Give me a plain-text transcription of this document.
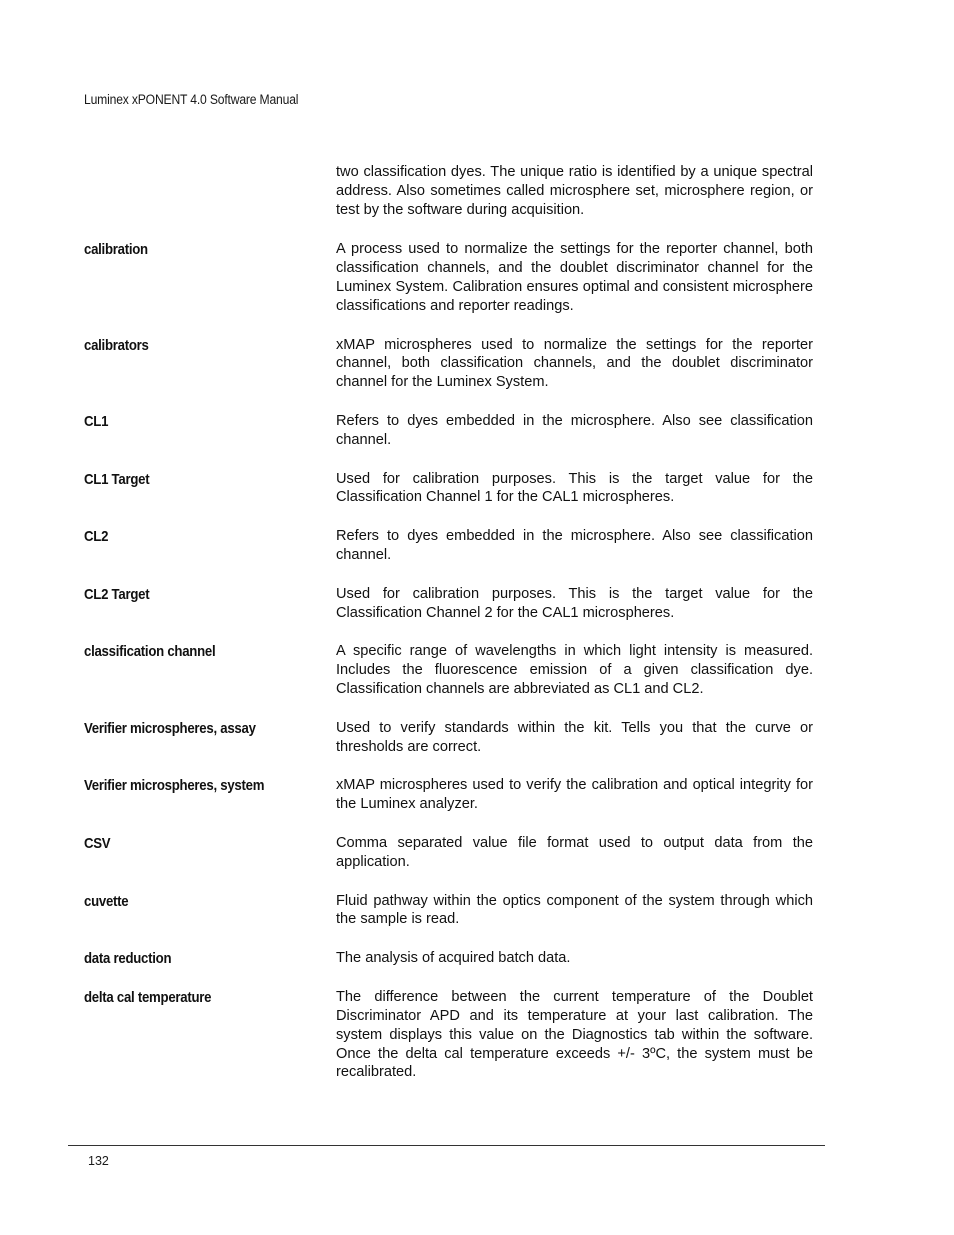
Luminex xPONENT 4.0 Software Manual
two classification dyes. The unique ratio is identified by a unique spectral address. Also sometimes called microsphere set, microsphere region, or test by the software during acquisition.
calibration	A process used to normalize the settings for the reporter channel, both classification channels, and the doublet discriminator channel for the Luminex System. Calibration ensures optimal and consistent microsphere classifications and reporter readings.
calibrators	xMAP microspheres used to normalize the settings for the reporter channel, both classification channels, and the doublet discriminator channel for the Luminex System.
CL1	Refers to dyes embedded in the microsphere. Also see classification channel.
CL1 Target	Used for calibration purposes. This is the target value for the Classification Channel 1 for the CAL1 microspheres.
CL2	Refers to dyes embedded in the microsphere. Also see classification channel.
CL2 Target	Used for calibration purposes. This is the target value for the Classification Channel 2 for the CAL1 microspheres.
classification channel	A specific range of wavelengths in which light intensity is measured. Includes the fluorescence emission of a given classification dye. Classification channels are abbreviated as CL1 and CL2.
Verifier microspheres, assay	Used to verify standards within the kit. Tells you that the curve or thresholds are correct.
Verifier microspheres, system	xMAP microspheres used to verify the calibration and optical integrity for the Luminex analyzer.
CSV	Comma separated value file format used to output data from the application.
cuvette	Fluid pathway within the optics component of the system through which the sample is read.
data reduction	The analysis of acquired batch data.
delta cal temperature	The difference between the current temperature of the Doublet Discriminator APD and its temperature at your last calibration. The system displays this value on the Diagnostics tab within the software. Once the delta cal temperature exceeds +/- 3ºC, the system must be recalibrated.
132
